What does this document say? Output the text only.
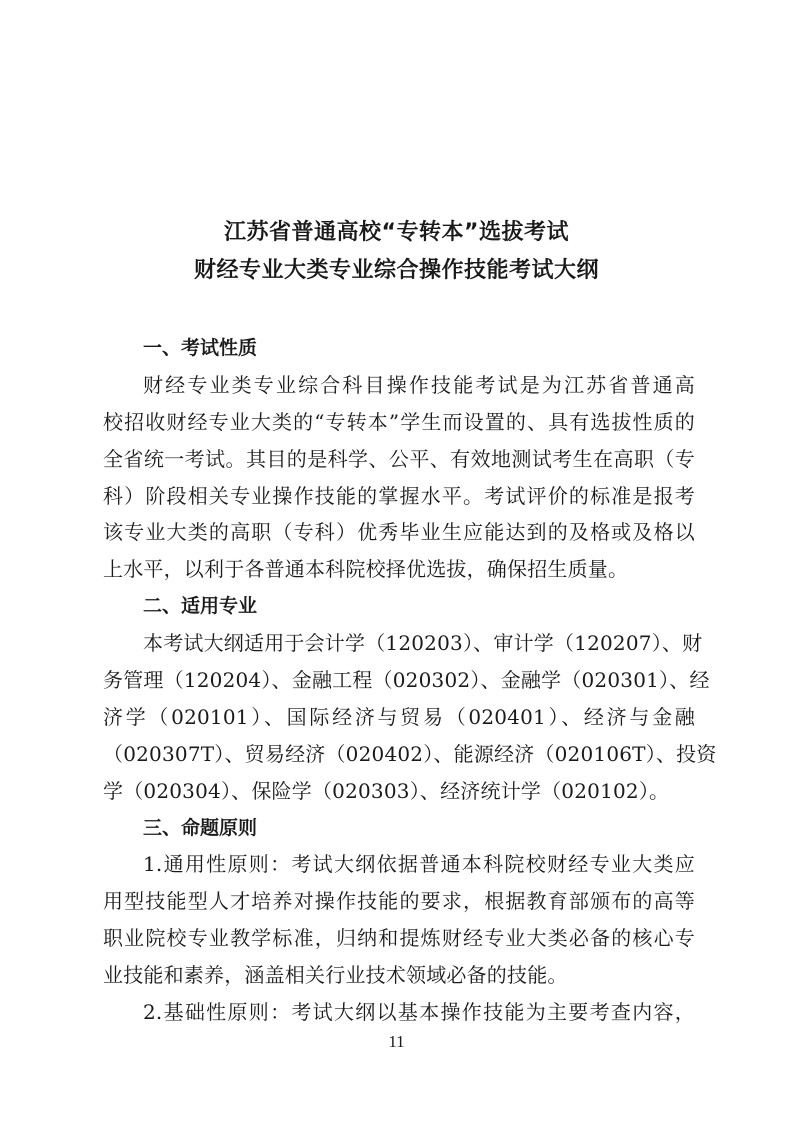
江苏省普通高校“专转本”选拔考试
财经专业大类专业综合操作技能考试大纲
一、考试性质
财经专业类专业综合科目操作技能考试是为江苏省普通高
校招收财经专业大类的“专转本”学生而设置的、具有选拔性质的
全省统一考试。其目的是科学、公平、有效地测试考生在高职（专
科）阶段相关专业操作技能的掌握水平。考试评价的标准是报考
该专业大类的高职（专科）优秀毕业生应能达到的及格或及格以
上水平，以利于各普通本科院校择优选拔，确保招生质量。
二、适用专业
本考试大纲适用于会计学（120203）、审计学（120207）、财
务管理（120204）、金融工程（020302）、金融学（020301）、经
济学（020101）、国际经济与贸易（020401）、经济与金融
（020307T）、贸易经济（020402）、能源经济（020106T）、投资
学（020304）、保险学（020303）、经济统计学（020102）。
三、命题原则
1.通用性原则：考试大纲依据普通本科院校财经专业大类应
用型技能型人才培养对操作技能的要求，根据教育部颁布的高等
职业院校专业教学标准，归纳和提炼财经专业大类必备的核心专
业技能和素养，涵盖相关行业技术领域必备的技能。
2.基础性原则：考试大纲以基本操作技能为主要考查内容，
11
